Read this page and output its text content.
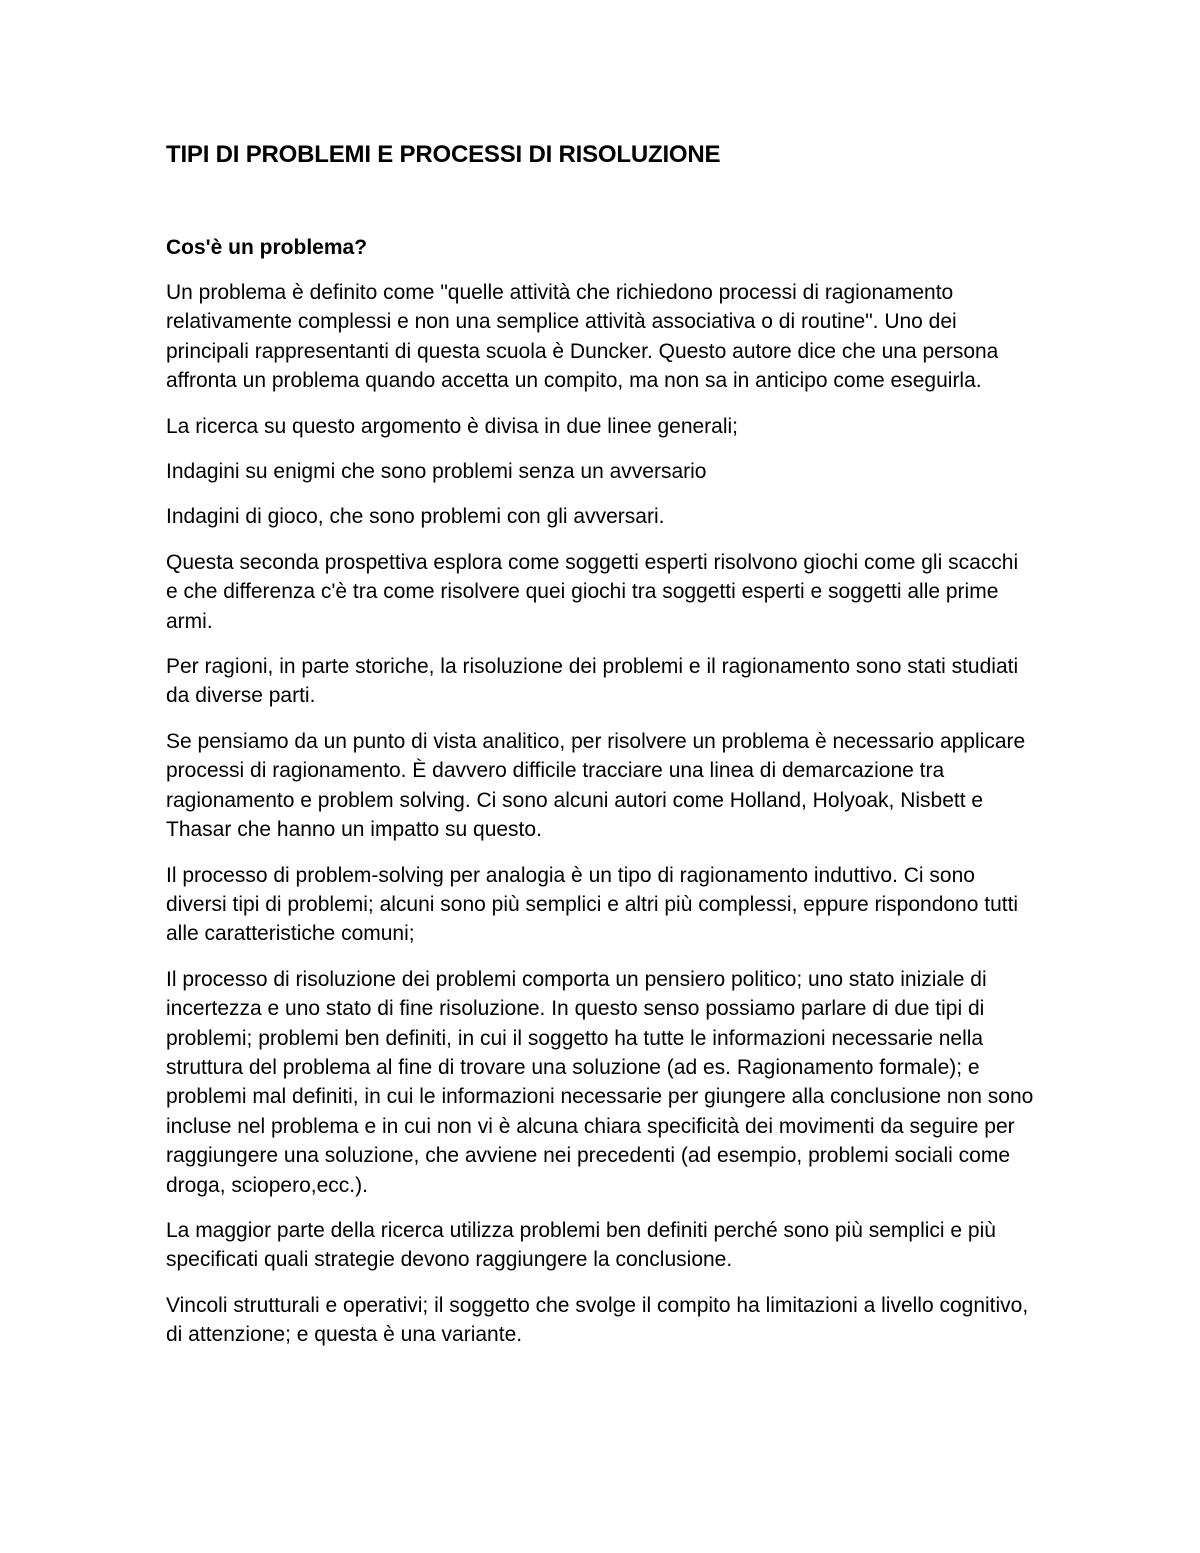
TIPI DI PROBLEMI E PROCESSI DI RISOLUZIONE
Cos'è un problema?

Un problema è definito come "quelle attività che richiedono processi di ragionamento relativamente complessi e non una semplice attività associativa o di routine". Uno dei principali rappresentanti di questa scuola è Duncker. Questo autore dice che una persona affronta un problema quando accetta un compito, ma non sa in anticipo come eseguirla.

La ricerca su questo argomento è divisa in due linee generali;

Indagini su enigmi che sono problemi senza un avversario

Indagini di gioco, che sono problemi con gli avversari.

Questa seconda prospettiva esplora come soggetti esperti risolvono giochi come gli scacchi e che differenza c'è tra come risolvere quei giochi tra soggetti esperti e soggetti alle prime armi.

Per ragioni, in parte storiche, la risoluzione dei problemi e il ragionamento sono stati studiati da diverse parti.

Se pensiamo da un punto di vista analitico, per risolvere un problema è necessario applicare processi di ragionamento. È davvero difficile tracciare una linea di demarcazione tra ragionamento e problem solving. Ci sono alcuni autori come Holland, Holyoak, Nisbett e Thasar che hanno un impatto su questo.

Il processo di problem-solving per analogia è un tipo di ragionamento induttivo. Ci sono diversi tipi di problemi; alcuni sono più semplici e altri più complessi, eppure rispondono tutti alle caratteristiche comuni;

Il processo di risoluzione dei problemi comporta un pensiero politico; uno stato iniziale di incertezza e uno stato di fine risoluzione. In questo senso possiamo parlare di due tipi di problemi; problemi ben definiti, in cui il soggetto ha tutte le informazioni necessarie nella struttura del problema al fine di trovare una soluzione (ad es. Ragionamento formale); e problemi mal definiti, in cui le informazioni necessarie per giungere alla conclusione non sono incluse nel problema e in cui non vi è alcuna chiara specificità dei movimenti da seguire per raggiungere una soluzione, che avviene nei precedenti (ad esempio, problemi sociali come droga, sciopero,ecc.).

La maggior parte della ricerca utilizza problemi ben definiti perché sono più semplici e più specificati quali strategie devono raggiungere la conclusione.

Vincoli strutturali e operativi; il soggetto che svolge il compito ha limitazioni a livello cognitivo, di attenzione; e questa è una variante.
